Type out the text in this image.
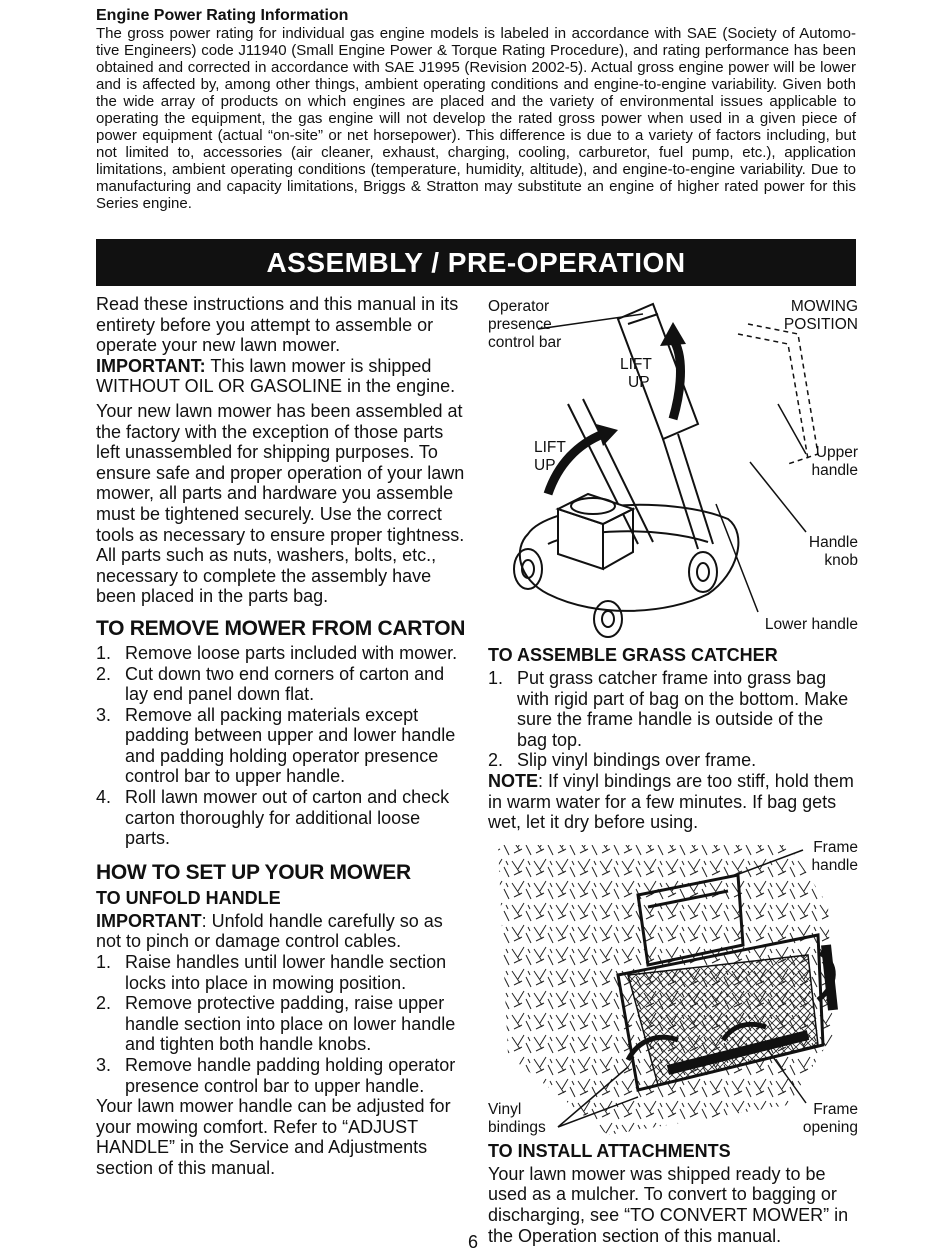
Engine Power Rating Information

The gross power rating for individual gas engine models is labeled in accordance with SAE (Society of Automo-tive Engineers) code J11940 (Small Engine Power & Torque Rating Procedure), and rating performance has been obtained and corrected in accordance with SAE J1995 (Revision 2002-5). Actual gross engine power will be lower and is affected by, among other things, ambient operating conditions and engine-to-engine variability. Given both the wide array of products on which engines are placed and the variety of environmental issues applicable to operating the equipment, the gas engine will not develop the rated gross power when used in a given piece of power equipment (actual “on-site” or net horsepower). This difference is due to a variety of factors including, but not limited to, accessories (air cleaner, exhaust, charging, cooling, carburetor, fuel pump, etc.), application limitations, ambient operating conditions (temperature, humidity, altitude), and engine-to-engine variability. Due to manufacturing and capacity limitations, Briggs & Stratton may substitute an engine of higher rated power for this Series engine.

ASSEMBLY / PRE-OPERATION

Read these instructions and this manual in its entirety before you attempt to assemble or operate your new lawn mower.

IMPORTANT: This lawn mower is shipped WITHOUT OIL OR GASOLINE in the engine.

Your new lawn mower has been assembled at the factory with the exception of those parts left unassembled for shipping purposes. To ensure safe and proper operation of your lawn mower, all parts and hardware you assemble must be tightened securely. Use the correct tools as necessary to ensure proper tightness. All parts such as nuts, washers, bolts, etc., necessary to complete the assembly have been placed in the parts bag.

TO REMOVE MOWER FROM CARTON
1. Remove loose parts included with mower.
2. Cut down two end corners of carton and lay end panel down flat.
3. Remove all packing materials except padding between upper and lower handle and padding holding operator presence control bar to upper handle.
4. Roll lawn mower out of carton and check carton thoroughly for additional loose parts.
HOW TO SET UP YOUR MOWER
TO UNFOLD HANDLE

IMPORTANT: Unfold handle carefully so as not to pinch or damage control cables.

1. Raise handles until lower handle section locks into place in mowing position.
2. Remove protective padding, raise upper handle section into place on lower handle and tighten both handle knobs.
3. Remove handle padding holding operator presence control bar to upper handle.

Your lawn mower handle can be adjusted for your mowing comfort. Refer to “ADJUST HANDLE” in the Service and Adjustments section of this manual.

Operator
presence
control bar
MOWING
POSITION
LIFT
UP
LIFT
UP
Upper
handle
Handle
knob
Lower handle
TO ASSEMBLE GRASS CATCHER
1. Put grass catcher frame into grass bag with rigid part of bag on the bottom. Make sure the frame handle is outside of the bag top.
2. Slip vinyl bindings over frame.

NOTE: If vinyl bindings are too stiff, hold them in warm water for a few minutes. If bag gets wet, let it dry before using.

Frame
handle
Vinyl
bindings
Frame
opening
TO INSTALL ATTACHMENTS

Your lawn mower was shipped ready to be used as a mulcher. To convert to bagging or discharging, see “TO CONVERT MOWER” in the Operation section of this manual.

6
